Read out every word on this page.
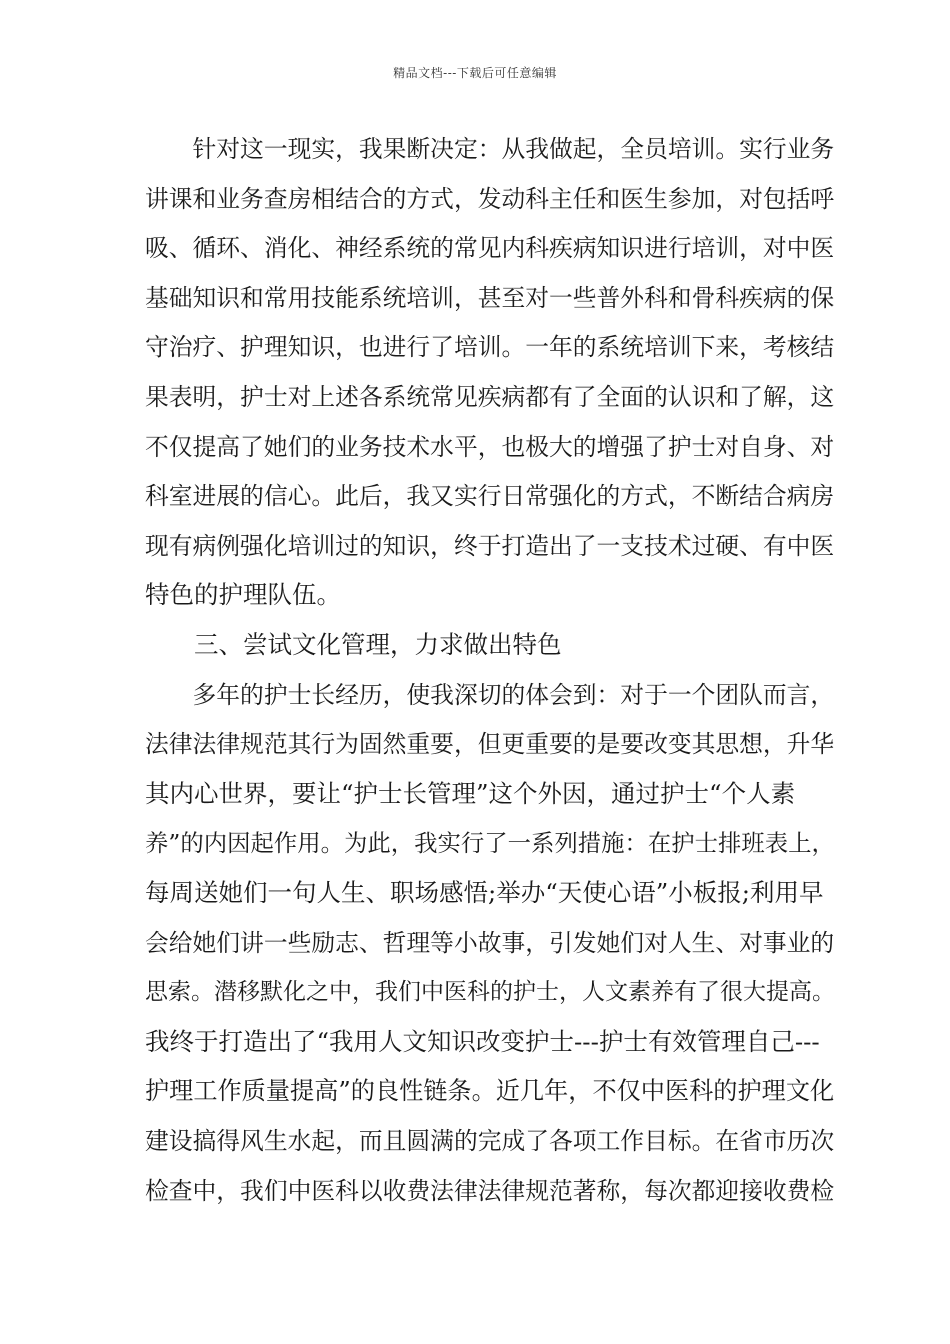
精品文档---下载后可任意编辑
　　针对这一现实，我果断决定：从我做起，全员培训。实行业务
讲课和业务查房相结合的方式，发动科主任和医生参加，对包括呼
吸、循环、消化、神经系统的常见内科疾病知识进行培训，对中医
基础知识和常用技能系统培训，甚至对一些普外科和骨科疾病的保
守治疗、护理知识，也进行了培训。一年的系统培训下来，考核结
果表明，护士对上述各系统常见疾病都有了全面的认识和了解，这
不仅提高了她们的业务技术水平，也极大的增强了护士对自身、对
科室进展的信心。此后，我又实行日常强化的方式，不断结合病房
现有病例强化培训过的知识，终于打造出了一支技术过硬、有中医
特色的护理队伍。
　　三、尝试文化管理，力求做出特色
　　多年的护士长经历，使我深切的体会到：对于一个团队而言，
法律法律规范其行为固然重要，但更重要的是要改变其思想，升华
其内心世界，要让“护士长管理”这个外因，通过护士“个人素
养”的内因起作用。为此，我实行了一系列措施：在护士排班表上，
每周送她们一句人生、职场感悟;举办“天使心语”小板报;利用早
会给她们讲一些励志、哲理等小故事，引发她们对人生、对事业的
思索。潜移默化之中，我们中医科的护士，人文素养有了很大提高。
我终于打造出了“我用人文知识改变护士---护士有效管理自己---
护理工作质量提高”的良性链条。近几年，不仅中医科的护理文化
建设搞得风生水起，而且圆满的完成了各项工作目标。在省市历次
检查中，我们中医科以收费法律法律规范著称，每次都迎接收费检
